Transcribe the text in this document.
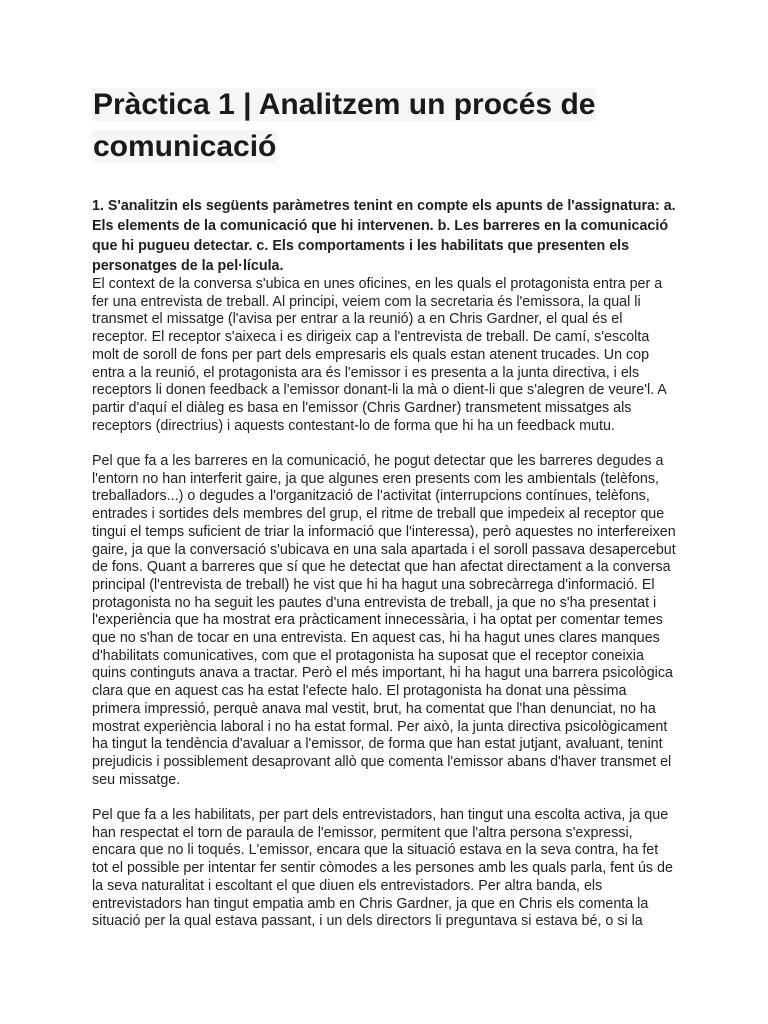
Pràctica 1 | Analitzem un procés de
comunicació

1. S'analitzin els següents paràmetres tenint en compte els apunts de l'assignatura: a. Els elements de la comunicació que hi intervenen. b. Les barreres en la comunicació que hi pugueu detectar. c. Els comportaments i les habilitats que presenten els personatges de la pel·lícula.

El context de la conversa s'ubica en unes oficines, en les quals el protagonista entra per a fer una entrevista de treball. Al principi, veiem com la secretaria és l'emissora, la qual li transmet el missatge (l'avisa per entrar a la reunió) a en Chris Gardner, el qual és el receptor. El receptor s'aixeca i es dirigeix cap a l'entrevista de treball. De camí, s'escolta molt de soroll de fons per part dels empresaris els quals estan atenent trucades. Un cop entra a la reunió, el protagonista ara és l'emissor i es presenta a la junta directiva, i els receptors li donen feedback a l'emissor donant-li la mà o dient-li que s'alegren de veure'l. A partir d'aquí el diàleg es basa en l'emissor (Chris Gardner) transmetent missatges als receptors (directrius) i aquests contestant-lo de forma que hi ha un feedback mutu.

Pel que fa a les barreres en la comunicació, he pogut detectar que les barreres degudes a l'entorn no han interferit gaire, ja que algunes eren presents com les ambientals (telèfons, treballadors...) o degudes a l'organització de l'activitat (interrupcions contínues, telèfons, entrades i sortides dels membres del grup, el ritme de treball que impedeix al receptor que tingui el temps suficient de triar la informació que l'interessa), però aquestes no interfereixen gaire, ja que la conversació s'ubicava en una sala apartada i el soroll passava desapercebut de fons. Quant a barreres que sí que he detectat que han afectat directament a la conversa principal (l'entrevista de treball) he vist que hi ha hagut una sobrecàrrega d'informació. El protagonista no ha seguit les pautes d'una entrevista de treball, ja que no s'ha presentat i l'experiència que ha mostrat era pràcticament innecessària, i ha optat per comentar temes que no s'han de tocar en una entrevista. En aquest cas, hi ha hagut unes clares manques d'habilitats comunicatives, com que el protagonista ha suposat que el receptor coneixia quins continguts anava a tractar. Però el més important, hi ha hagut una barrera psicològica clara que en aquest cas ha estat l'efecte halo. El protagonista ha donat una pèssima primera impressió, perquè anava mal vestit, brut, ha comentat que l'han denunciat, no ha mostrat experiència laboral i no ha estat formal. Per això, la junta directiva psicològicament ha tingut la tendència d'avaluar a l'emissor, de forma que han estat jutjant, avaluant, tenint prejudicis i possiblement desaprovant allò que comenta l'emissor abans d'haver transmet el seu missatge.

Pel que fa a les habilitats, per part dels entrevistadors, han tingut una escolta activa, ja que han respectat el torn de paraula de l'emissor, permitent que l'altra persona s'expressi, encara que no li toqués. L'emissor, encara que la situació estava en la seva contra, ha fet tot el possible per intentar fer sentir còmodes a les persones amb les quals parla, fent ús de la seva naturalitat i escoltant el que diuen els entrevistadors. Per altra banda, els entrevistadors han tingut empatia amb en Chris Gardner, ja que en Chris els comenta la situació per la qual estava passant, i un dels directors li preguntava si estava bé, o si la
